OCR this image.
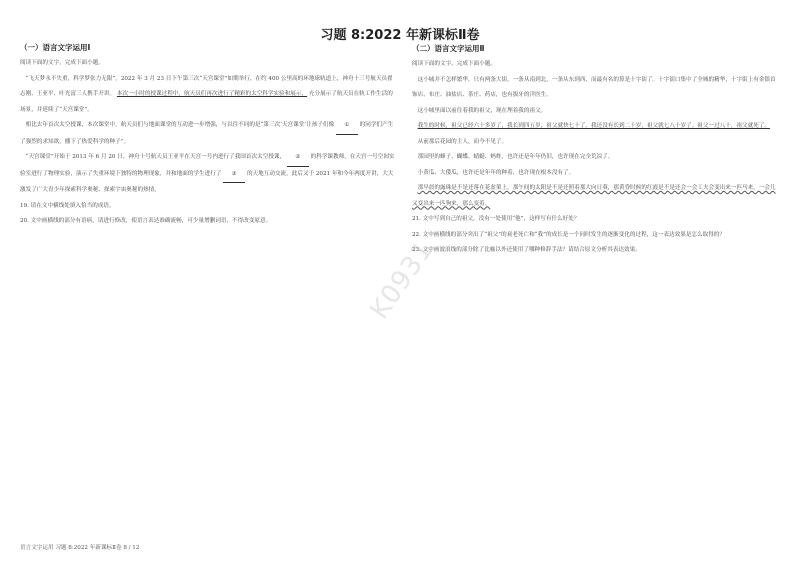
习题 8:2022 年新课标Ⅱ卷
（一）语言文字运用Ⅰ

阅读下面的文字，完成下面小题。

“飞天梦永不失重，科学梦张力无限”，2022 年 3 月 23 日下午第三次“天宫课堂”如期举行，在约 400 公里高的环地球轨道上，神舟十三号航天员翟志刚、王亚平、叶光富三人携手开讲。 本次一小时的授课过程中，航天员们再次进行了精彩的太空科学实验和展示， 充分展示了航天员在轨工作生活的场景，并延续了“天宫课堂”。

相比去年首次太空授课，本次课堂中，航天员们与地面课堂的互动进一步增强，与以往不同的是“第三次‘天宫课堂’让孩子们像 ① 的同学们产生了强烈的求知欲，播下了热爱科学的种子”。

“天宫课堂”开始于 2013 年 6 月 20 日，神舟十号航天员王亚平在天宫一号内进行了我国首次太空授课， ② 的科学课教师，在天宫一号空间实验室进行了物理实验，演示了失重环境下独特的物理现象，并和地面的学生进行了 ③ 的天地互动交流，此后又于 2021 年和今年两度开讲，大大激发了广大青少年探索科学奥秘、探索宇宙奥秘的热情。

19. 请在文中横线处填入恰当的成语。

20. 文中画横线的部分有语病，请进行修改，使语言表达准确流畅，可少量增删词语，不得改变原意。

（二）语言文字运用Ⅱ

阅读下面的文字，完成下面小题。

这小城并不怎样繁华，只有两条大街，一条从南到北，一条从东到西，而最有名的算是十字街了。十字街口集中了全城的精华，十字街上有金银首饰店、布庄、油盐店、茶庄、药店，也有拔牙的洋医生。

这小城里面以前住着我的祖父，现在埋着我的祖父。

我生的时候，祖父已经六十多岁了，我长到四五岁，祖父就快七十了。我还没有长到二十岁，祖父就七八十岁了。祖父一过八十，祖父就死了。

从前那后花园的主人，而今不见了。

那园里的蜂子、蝴蝶、蜻蜓、蚂蚱，也许还是年年仍旧，也许现在完全荒凉了。

小黄瓜、大倭瓜，也许还是年年的种着，也许现在根本没有了。

那早晨的露珠是不是还落在花盆架上，那午间的太阳是不是还照着那大向日葵，那黄昏时候的红霞是不是还会一会工夫会变出来一匹马来，一会儿又变出来一匹狗来，那么变着。

21. 文中写到自己的祖父，没有一处使用“他”，这样写有什么好处？

22. 文中画横线的部分突出了“祖父”的衰老死亡和“我”的成长是一个同时发生的逐渐变化的过程，这一表达效果是怎么取得的？

23. 文中画波浪线的部分除了比喻以外还使用了哪种修辞手法？请结合原文分析其表达效果。

K0931
语言文字运用 习题 8:2022 年新课标Ⅱ卷 8 / 12
